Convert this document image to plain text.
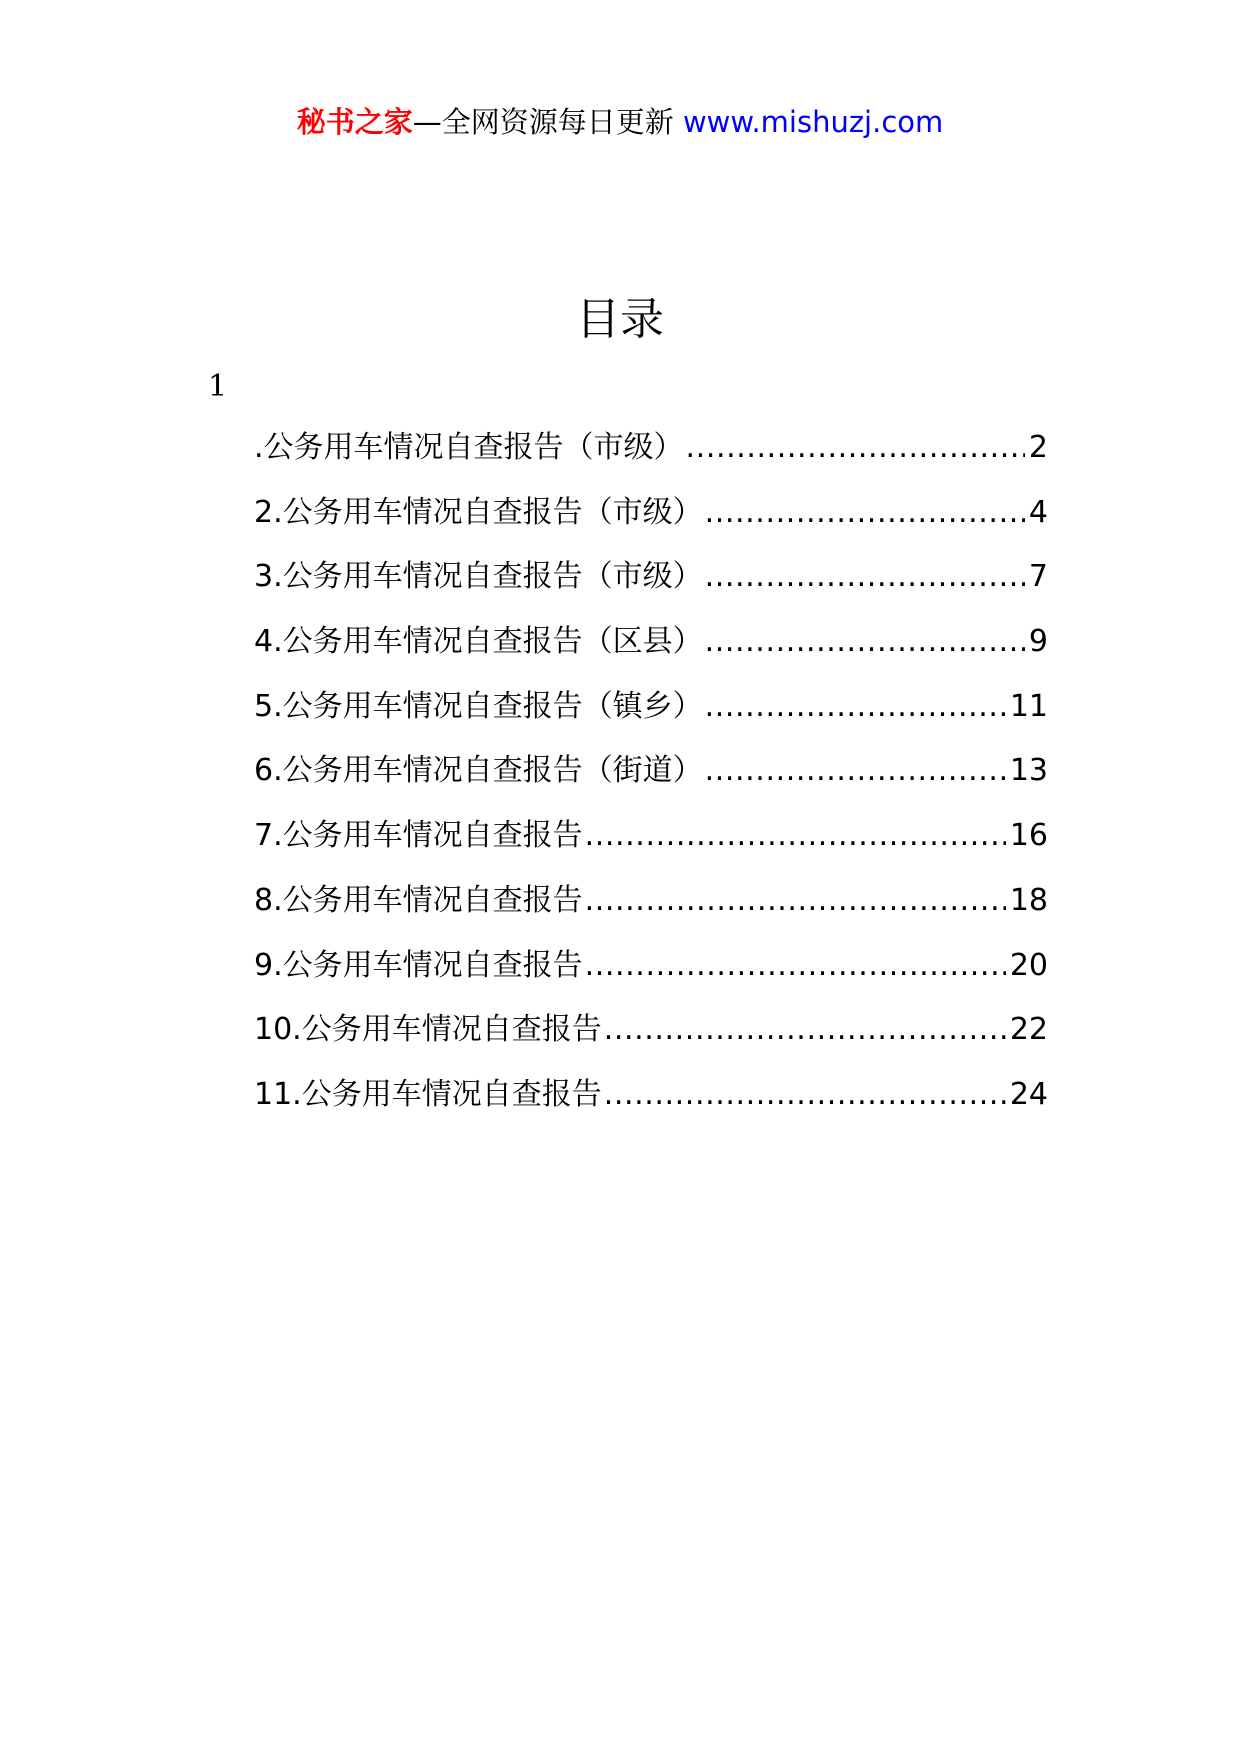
秘书之家—全网资源每日更新 www.mishuzj.com
目录
1
.公务用车情况自查报告（市级） .....	2
2.公务用车情况自查报告（市级） .....	4
3.公务用车情况自查报告（市级） .....	7
4.公务用车情况自查报告（区县） .....	9
5.公务用车情况自查报告（镇乡） .....	11
6.公务用车情况自查报告（街道） .....	13
7.公务用车情况自查报告 .....	16
8.公务用车情况自查报告 .....	18
9.公务用车情况自查报告 .....	20
10.公务用车情况自查报告 .....	22
11.公务用车情况自查报告 .....	24
